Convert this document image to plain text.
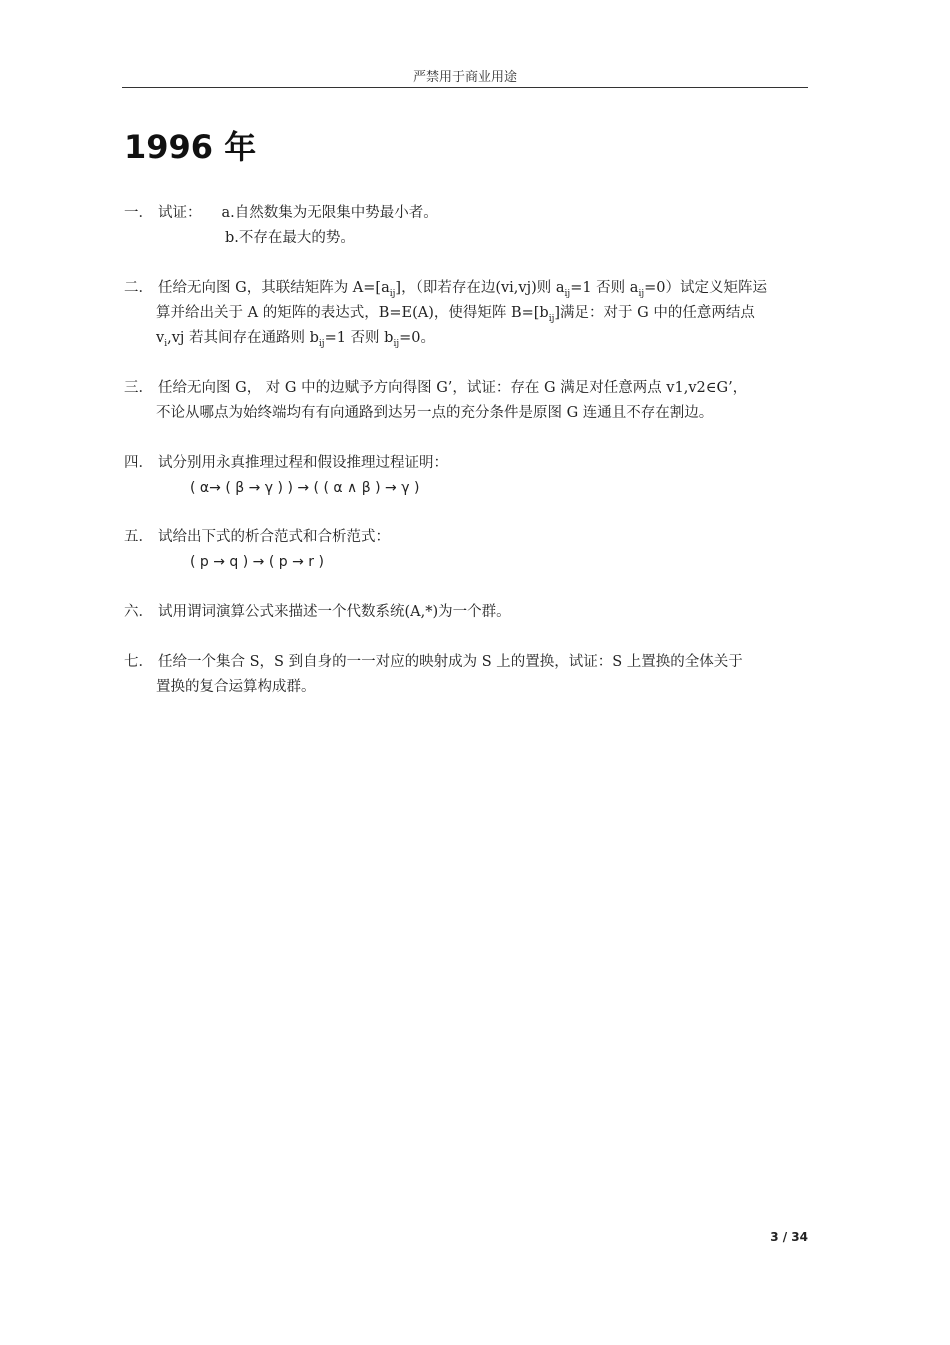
严禁用于商业用途
1996 年
一． 试证： a.自然数集为无限集中势最小者。
b.不存在最大的势。
二． 任给无向图 G，其联结矩阵为 $A=[a_{ij}]$，（即若存在边(vi,vj)则 $a_{ij}=1$ 否则 $a_{ij}=0$）试定义矩阵运
算并给出关于 A 的矩阵的表达式，B=E(A)，使得矩阵 $B=[b_{ij}]$满足：对于 G 中的任意两结点
$v_i,vj$ 若其间存在通路则 $b_{ij}=1$ 否则 $b_{ij}=0$。
三． 任给无向图 G， 对 G 中的边赋予方向得图 G’，试证：存在 G 满足对任意两点 v1,v2∈G’，
不论从哪点为始终端均有有向通路到达另一点的充分条件是原图 G 连通且不存在割边。
四． 试分别用永真推理过程和假设推理过程证明：
( α→ ( β → γ ) ) → ( ( α ∧ β ) → γ )
五． 试给出下式的析合范式和合析范式：
( p → q ) → ( p → r )
六． 试用谓词演算公式来描述一个代数系统(A,*)为一个群。
七． 任给一个集合 S，S 到自身的一一对应的映射成为 S 上的置换，试证：S 上置换的全体关于
置换的复合运算构成群。
3 / 34
